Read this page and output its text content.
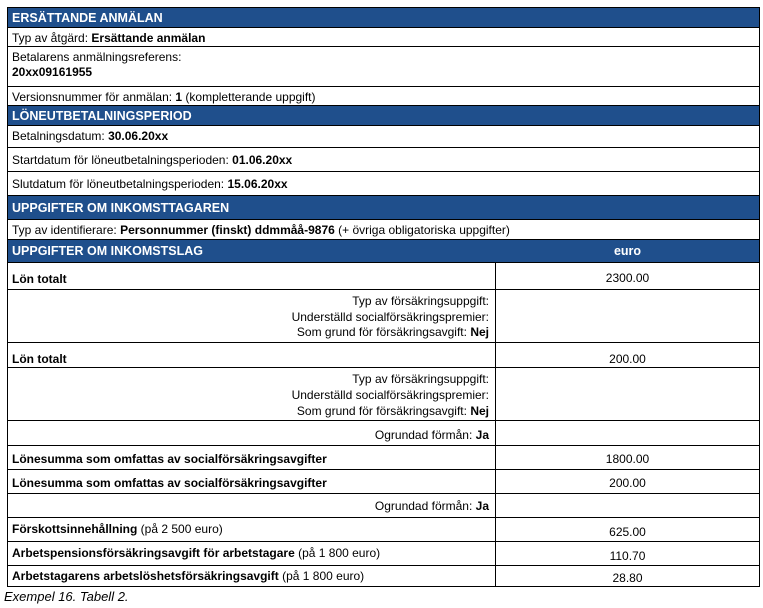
ERSÄTTANDE ANMÄLAN
Typ av åtgärd: Ersättande anmälan
Betalarens anmälningsreferens:
20xx09161955
Versionsnummer för anmälan: 1 (kompletterande uppgift)
LÖNEUTBETALNINGSPERIOD
Betalningsdatum: 30.06.20xx
Startdatum för löneutbetalningsperioden: 01.06.20xx
Slutdatum för löneutbetalningsperioden: 15.06.20xx
UPPGIFTER OM INKOMSTTAGAREN
Typ av identifierare: Personnummer (finskt) ddmmåå-9876 (+ övriga obligatoriska uppgifter)
UPPGIFTER OM INKOMSTSLAG	euro
Lön totalt	2300.00
Typ av försäkringsuppgift:
Underställd socialförsäkringspremier:
Som grund för försäkringsavgift: Nej
Lön totalt	200.00
Typ av försäkringsuppgift:
Underställd socialförsäkringspremier:
Som grund för försäkringsavgift: Nej
Ogrundad förmån: Ja
Lönesumma som omfattas av socialförsäkringsavgifter	1800.00
Lönesumma som omfattas av socialförsäkringsavgifter	200.00
Ogrundad förmån: Ja
Förskottsinnehållning (på 2 500 euro)	625.00
Arbetspensionsförsäkringsavgift för arbetstagare (på 1 800 euro)	110.70
Arbetstagarens arbetslöshetsförsäkringsavgift (på 1 800 euro)	28.80
Exempel 16. Tabell 2.
